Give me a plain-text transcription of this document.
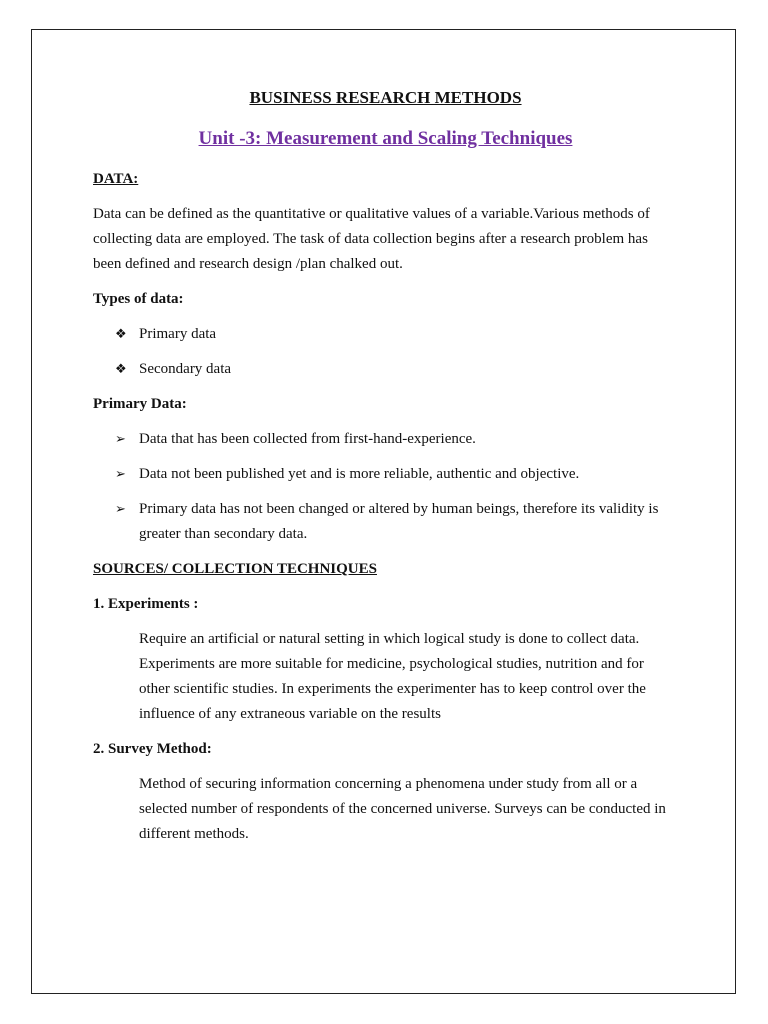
BUSINESS RESEARCH METHODS
Unit -3: Measurement and Scaling Techniques
DATA:

Data can be defined as the quantitative or qualitative values of a variable.Various methods of collecting data are employed. The task of data collection begins after a research problem has been defined and research design /plan chalked out.

Types of data:
❖ Primary data
❖ Secondary data
Primary Data:
➢ Data that has been collected from first-hand-experience.
➢ Data not been published yet and is more reliable, authentic and objective.
➢ Primary data has not been changed or altered by human beings, therefore its validity is greater than secondary data.
SOURCES/ COLLECTION TECHNIQUES
1. Experiments :

Require an artificial or natural setting in which logical study is done to collect data. Experiments are more suitable for medicine, psychological studies, nutrition and for other scientific studies. In experiments the experimenter has to keep control over the influence of any extraneous variable on the results

2. Survey Method:

Method of securing information concerning a phenomena under study from all or a selected number of respondents of the concerned universe. Surveys can be conducted in different methods.
